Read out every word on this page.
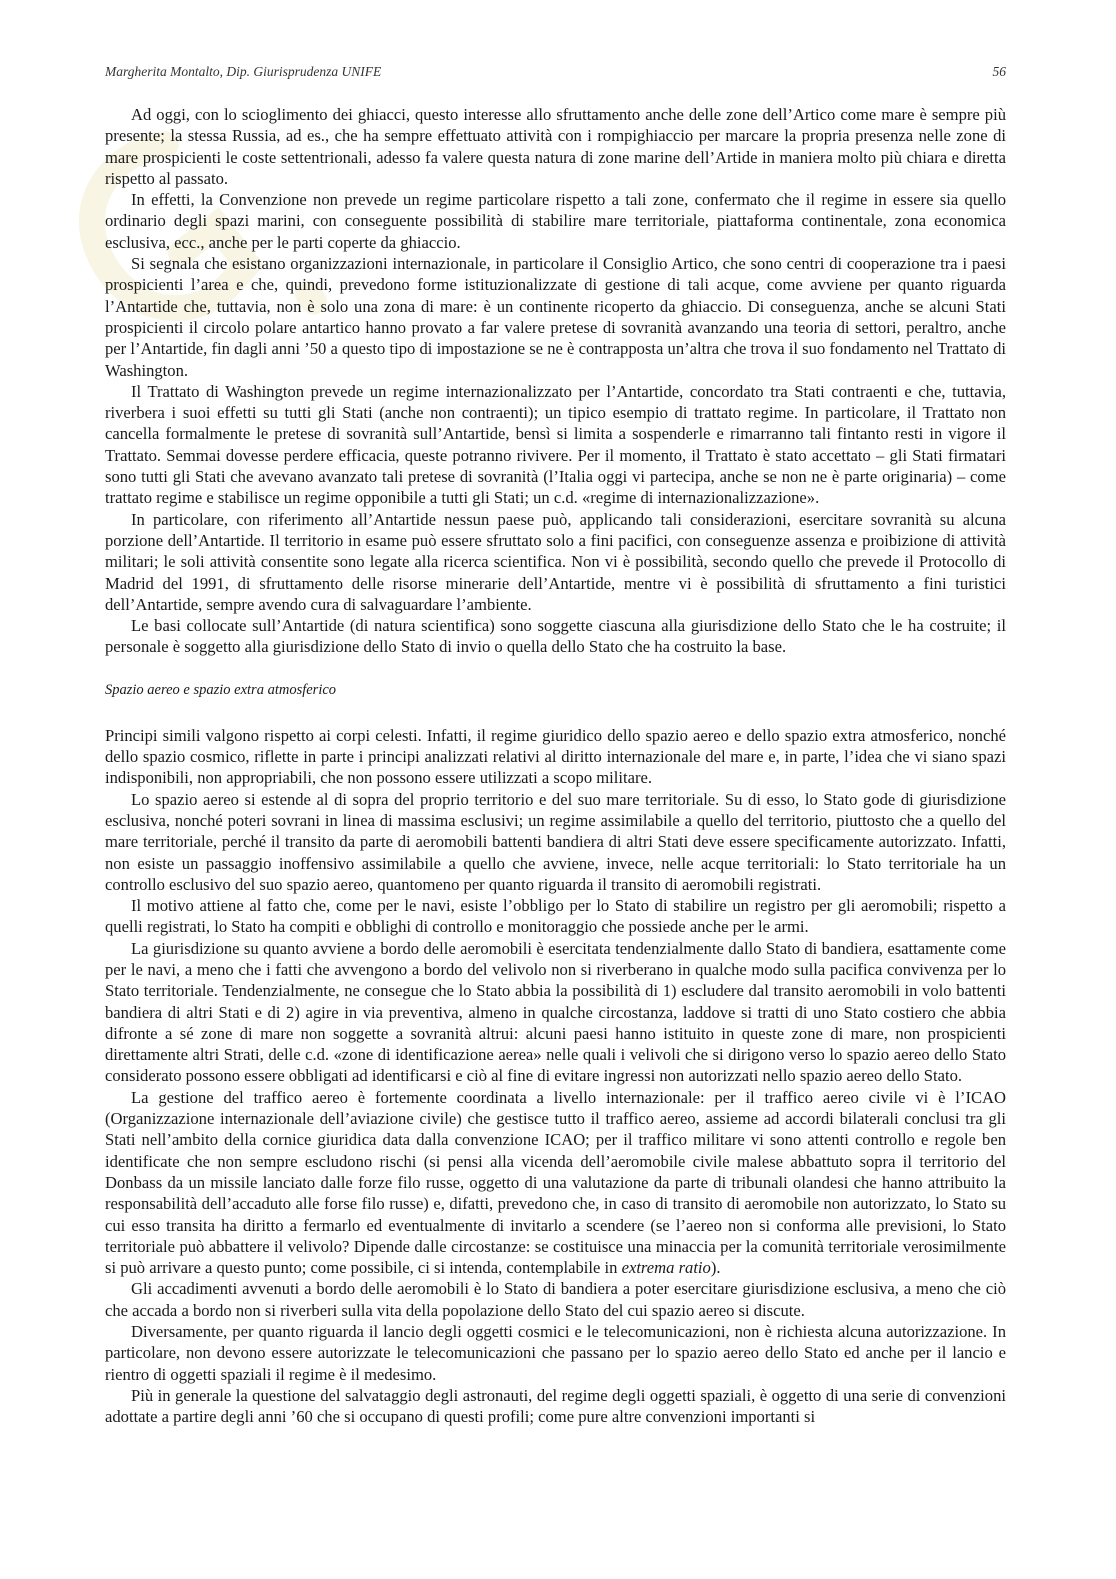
Margherita Montalto, Dip. Giurisprudenza UNIFE	56

Ad oggi, con lo scioglimento dei ghiacci, questo interesse allo sfruttamento anche delle zone dell’Artico come mare è sempre più presente; la stessa Russia, ad es., che ha sempre effettuato attività con i rompighiaccio per marcare la propria presenza nelle zone di mare prospicienti le coste settentrionali, adesso fa valere questa natura di zone marine dell’Artide in maniera molto più chiara e diretta rispetto al passato.

In effetti, la Convenzione non prevede un regime particolare rispetto a tali zone, confermato che il regime in essere sia quello ordinario degli spazi marini, con conseguente possibilità di stabilire mare territoriale, piattaforma continentale, zona economica esclusiva, ecc., anche per le parti coperte da ghiaccio.

Si segnala che esistano organizzazioni internazionale, in particolare il Consiglio Artico, che sono centri di cooperazione tra i paesi prospicienti l’area e che, quindi, prevedono forme istituzionalizzate di gestione di tali acque, come avviene per quanto riguarda l’Antartide che, tuttavia, non è solo una zona di mare: è un continente ricoperto da ghiaccio. Di conseguenza, anche se alcuni Stati prospicienti il circolo polare antartico hanno provato a far valere pretese di sovranità avanzando una teoria di settori, peraltro, anche per l’Antartide, fin dagli anni ’50 a questo tipo di impostazione se ne è contrapposta un’altra che trova il suo fondamento nel Trattato di Washington.

Il Trattato di Washington prevede un regime internazionalizzato per l’Antartide, concordato tra Stati contraenti e che, tuttavia, riverbera i suoi effetti su tutti gli Stati (anche non contraenti); un tipico esempio di trattato regime. In particolare, il Trattato non cancella formalmente le pretese di sovranità sull’Antartide, bensì si limita a sospenderle e rimarranno tali fintanto resti in vigore il Trattato. Semmai dovesse perdere efficacia, queste potranno rivivere. Per il momento, il Trattato è stato accettato – gli Stati firmatari sono tutti gli Stati che avevano avanzato tali pretese di sovranità (l’Italia oggi vi partecipa, anche se non ne è parte originaria) – come trattato regime e stabilisce un regime opponibile a tutti gli Stati; un c.d. «regime di internazionalizzazione».

In particolare, con riferimento all’Antartide nessun paese può, applicando tali considerazioni, esercitare sovranità su alcuna porzione dell’Antartide. Il territorio in esame può essere sfruttato solo a fini pacifici, con conseguenze assenza e proibizione di attività militari; le soli attività consentite sono legate alla ricerca scientifica. Non vi è possibilità, secondo quello che prevede il Protocollo di Madrid del 1991, di sfruttamento delle risorse minerarie dell’Antartide, mentre vi è possibilità di sfruttamento a fini turistici dell’Antartide, sempre avendo cura di salvaguardare l’ambiente.

Le basi collocate sull’Antartide (di natura scientifica) sono soggette ciascuna alla giurisdizione dello Stato che le ha costruite; il personale è soggetto alla giurisdizione dello Stato di invio o quella dello Stato che ha costruito la base.

Spazio aereo e spazio extra atmosferico

Principi simili valgono rispetto ai corpi celesti. Infatti, il regime giuridico dello spazio aereo e dello spazio extra atmosferico, nonché dello spazio cosmico, riflette in parte i principi analizzati relativi al diritto internazionale del mare e, in parte, l’idea che vi siano spazi indisponibili, non appropriabili, che non possono essere utilizzati a scopo militare.

Lo spazio aereo si estende al di sopra del proprio territorio e del suo mare territoriale. Su di esso, lo Stato gode di giurisdizione esclusiva, nonché poteri sovrani in linea di massima esclusivi; un regime assimilabile a quello del territorio, piuttosto che a quello del mare territoriale, perché il transito da parte di aeromobili battenti bandiera di altri Stati deve essere specificamente autorizzato. Infatti, non esiste un passaggio inoffensivo assimilabile a quello che avviene, invece, nelle acque territoriali: lo Stato territoriale ha un controllo esclusivo del suo spazio aereo, quantomeno per quanto riguarda il transito di aeromobili registrati.

Il motivo attiene al fatto che, come per le navi, esiste l’obbligo per lo Stato di stabilire un registro per gli aeromobili; rispetto a quelli registrati, lo Stato ha compiti e obblighi di controllo e monitoraggio che possiede anche per le armi.

La giurisdizione su quanto avviene a bordo delle aeromobili è esercitata tendenzialmente dallo Stato di bandiera, esattamente come per le navi, a meno che i fatti che avvengono a bordo del velivolo non si riverberano in qualche modo sulla pacifica convivenza per lo Stato territoriale. Tendenzialmente, ne consegue che lo Stato abbia la possibilità di 1) escludere dal transito aeromobili in volo battenti bandiera di altri Stati e di 2) agire in via preventiva, almeno in qualche circostanza, laddove si tratti di uno Stato costiero che abbia difronte a sé zone di mare non soggette a sovranità altrui: alcuni paesi hanno istituito in queste zone di mare, non prospicienti direttamente altri Strati, delle c.d. «zone di identificazione aerea» nelle quali i velivoli che si dirigono verso lo spazio aereo dello Stato considerato possono essere obbligati ad identificarsi e ciò al fine di evitare ingressi non autorizzati nello spazio aereo dello Stato.

La gestione del traffico aereo è fortemente coordinata a livello internazionale: per il traffico aereo civile vi è l’ICAO (Organizzazione internazionale dell’aviazione civile) che gestisce tutto il traffico aereo, assieme ad accordi bilaterali conclusi tra gli Stati nell’ambito della cornice giuridica data dalla convenzione ICAO; per il traffico militare vi sono attenti controllo e regole ben identificate che non sempre escludono rischi (si pensi alla vicenda dell’aeromobile civile malese abbattuto sopra il territorio del Donbass da un missile lanciato dalle forze filo russe, oggetto di una valutazione da parte di tribunali olandesi che hanno attribuito la responsabilità dell’accaduto alle forse filo russe) e, difatti, prevedono che, in caso di transito di aeromobile non autorizzato, lo Stato su cui esso transita ha diritto a fermarlo ed eventualmente di invitarlo a scendere (se l’aereo non si conforma alle previsioni, lo Stato territoriale può abbattere il velivolo? Dipende dalle circostanze: se costituisce una minaccia per la comunità territoriale verosimilmente si può arrivare a questo punto; come possibile, ci si intenda, contemplabile in extrema ratio).

Gli accadimenti avvenuti a bordo delle aeromobili è lo Stato di bandiera a poter esercitare giurisdizione esclusiva, a meno che ciò che accada a bordo non si riverberi sulla vita della popolazione dello Stato del cui spazio aereo si discute.

Diversamente, per quanto riguarda il lancio degli oggetti cosmici e le telecomunicazioni, non è richiesta alcuna autorizzazione. In particolare, non devono essere autorizzate le telecomunicazioni che passano per lo spazio aereo dello Stato ed anche per il lancio e rientro di oggetti spaziali il regime è il medesimo.

Più in generale la questione del salvataggio degli astronauti, del regime degli oggetti spaziali, è oggetto di una serie di convenzioni adottate a partire degli anni ’60 che si occupano di questi profili; come pure altre convenzioni importanti si
